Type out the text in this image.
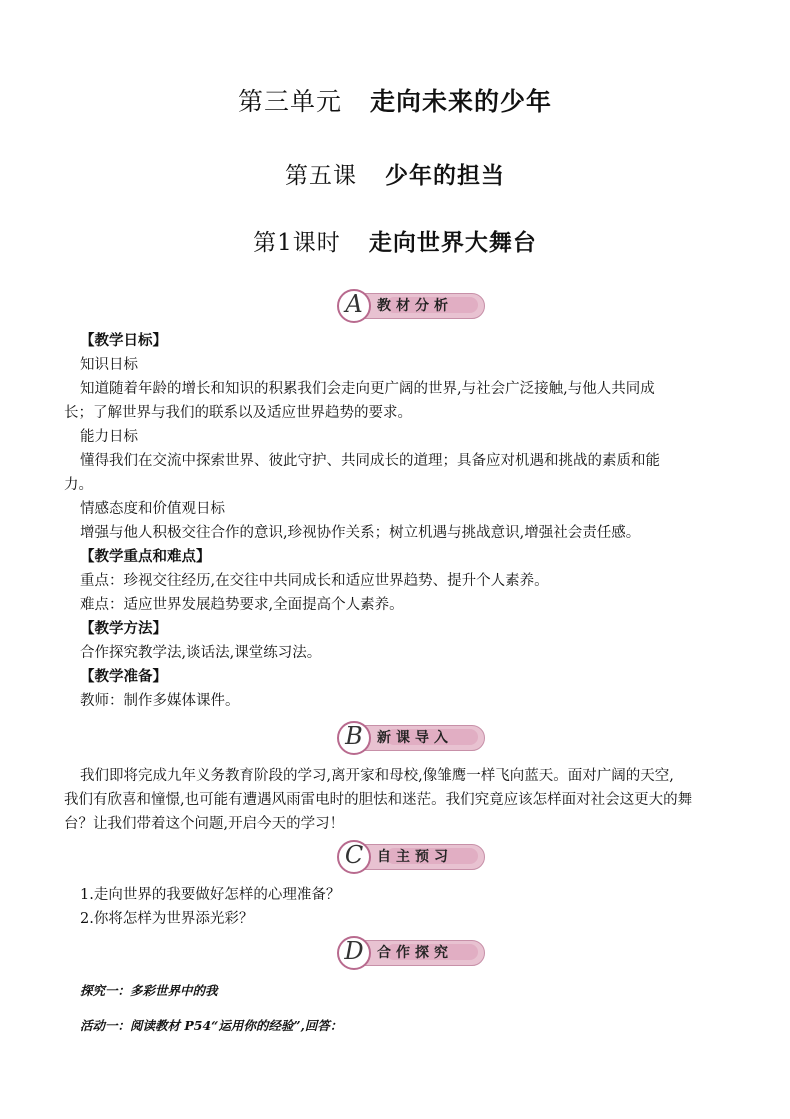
第三单元 走向未来的少年
第五课 少年的担当
第1课时 走向世界大舞台
A	教材分析
【教学日标】
知识日标
知道随着年龄的增长和知识的积累我们会走向更广阔的世界,与社会广泛接触,与他人共同成
长；了解世界与我们的联系以及适应世界趋势的要求。
能力日标
懂得我们在交流中探索世界、彼此守护、共同成长的道理；具备应对机遇和挑战的素质和能
力。
情感态度和价值观日标
增强与他人积极交往合作的意识,珍视协作关系；树立机遇与挑战意识,增强社会责任感。
【教学重点和难点】
重点：珍视交往经历,在交往中共同成长和适应世界趋势、提升个人素养。
难点：适应世界发展趋势要求,全面提高个人素养。
【教学方法】
合作探究教学法,谈话法,课堂练习法。
【教学准备】
教师：制作多媒体课件。
B	新课导入
我们即将完成九年义务教育阶段的学习,离开家和母校,像雏鹰一样飞向蓝天。面对广阔的天空,
我们有欣喜和憧憬,也可能有遭遇风雨雷电时的胆怯和迷茫。我们究竟应该怎样面对社会这更大的舞
台？让我们带着这个问题,开启今天的学习！
C 自主预习
1.走向世界的我要做好怎样的心理准备？
2.你将怎样为世界添光彩？
D 合作探究
探究一：多彩世界中的我
活动一：阅读教材 P54“运用你的经验”,回答：
